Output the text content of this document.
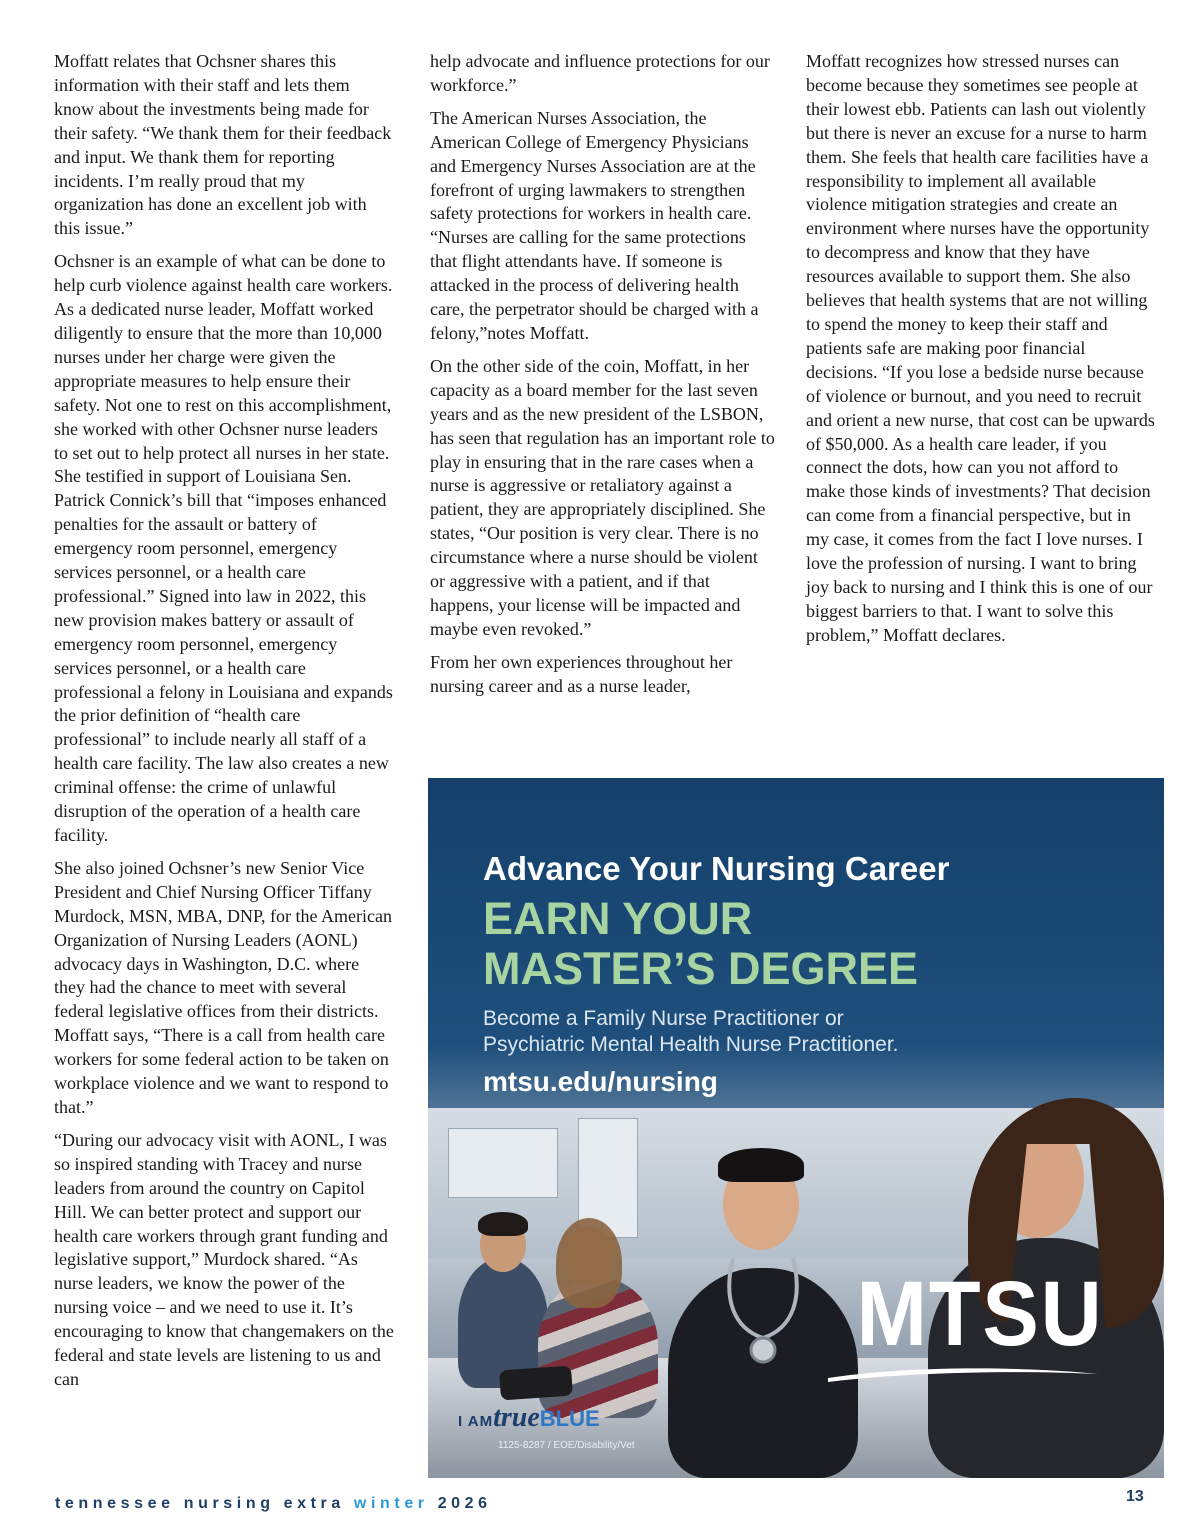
Moffatt relates that Ochsner shares this information with their staff and lets them know about the investments being made for their safety. “We thank them for their feedback and input. We thank them for reporting incidents. I’m really proud that my organization has done an excellent job with this issue.”

Ochsner is an example of what can be done to help curb violence against health care workers. As a dedicated nurse leader, Moffatt worked diligently to ensure that the more than 10,000 nurses under her charge were given the appropriate measures to help ensure their safety. Not one to rest on this accomplishment, she worked with other Ochsner nurse leaders to set out to help protect all nurses in her state. She testified in support of Louisiana Sen. Patrick Connick’s bill that “imposes enhanced penalties for the assault or battery of emergency room personnel, emergency services personnel, or a health care professional.” Signed into law in 2022, this new provision makes battery or assault of emergency room personnel, emergency services personnel, or a health care professional a felony in Louisiana and expands the prior definition of “health care professional” to include nearly all staff of a health care facility. The law also creates a new criminal offense: the crime of unlawful disruption of the operation of a health care facility.

She also joined Ochsner’s new Senior Vice President and Chief Nursing Officer Tiffany Murdock, MSN, MBA, DNP, for the American Organization of Nursing Leaders (AONL) advocacy days in Washington, D.C. where they had the chance to meet with several federal legislative offices from their districts. Moffatt says, “There is a call from health care workers for some federal action to be taken on workplace violence and we want to respond to that.”

“During our advocacy visit with AONL, I was so inspired standing with Tracey and nurse leaders from around the country on Capitol Hill. We can better protect and support our health care workers through grant funding and legislative support,” Murdock shared. “As nurse leaders, we know the power of the nursing voice – and we need to use it. It’s encouraging to know that changemakers on the federal and state levels are listening to us and can

help advocate and influence protections for our workforce.”

The American Nurses Association, the American College of Emergency Physicians and Emergency Nurses Association are at the forefront of urging lawmakers to strengthen safety protections for workers in health care. “Nurses are calling for the same protections that flight attendants have. If someone is attacked in the process of delivering health care, the perpetrator should be charged with a felony,”notes Moffatt.

On the other side of the coin, Moffatt, in her capacity as a board member for the last seven years and as the new president of the LSBON, has seen that regulation has an important role to play in ensuring that in the rare cases when a nurse is aggressive or retaliatory against a patient, they are appropriately disciplined. She states, “Our position is very clear. There is no circumstance where a nurse should be violent or aggressive with a patient, and if that happens, your license will be impacted and maybe even revoked.”

From her own experiences throughout her nursing career and as a nurse leader,

Moffatt recognizes how stressed nurses can become because they sometimes see people at their lowest ebb. Patients can lash out violently but there is never an excuse for a nurse to harm them. She feels that health care facilities have a responsibility to implement all available violence mitigation strategies and create an environment where nurses have the opportunity to decompress and know that they have resources available to support them. She also believes that health systems that are not willing to spend the money to keep their staff and patients safe are making poor financial decisions. “If you lose a bedside nurse because of violence or burnout, and you need to recruit and orient a new nurse, that cost can be upwards of $50,000. As a health care leader, if you connect the dots, how can you not afford to make those kinds of investments? That decision can come from a financial perspective, but in my case, it comes from the fact I love nurses. I love the profession of nursing. I want to bring joy back to nursing and I think this is one of our biggest barriers to that. I want to solve this problem,” Moffatt declares.

Advance Your Nursing Career
EARN YOUR
MASTER’S DEGREE
Become a Family Nurse Practitioner or
Psychiatric Mental Health Nurse Practitioner.
mtsu.edu/nursing
MTSU
I AMtrueBLUE
1125-8287 / EOE/Disability/Vet
tennessee nursing extra winter 2026	13
